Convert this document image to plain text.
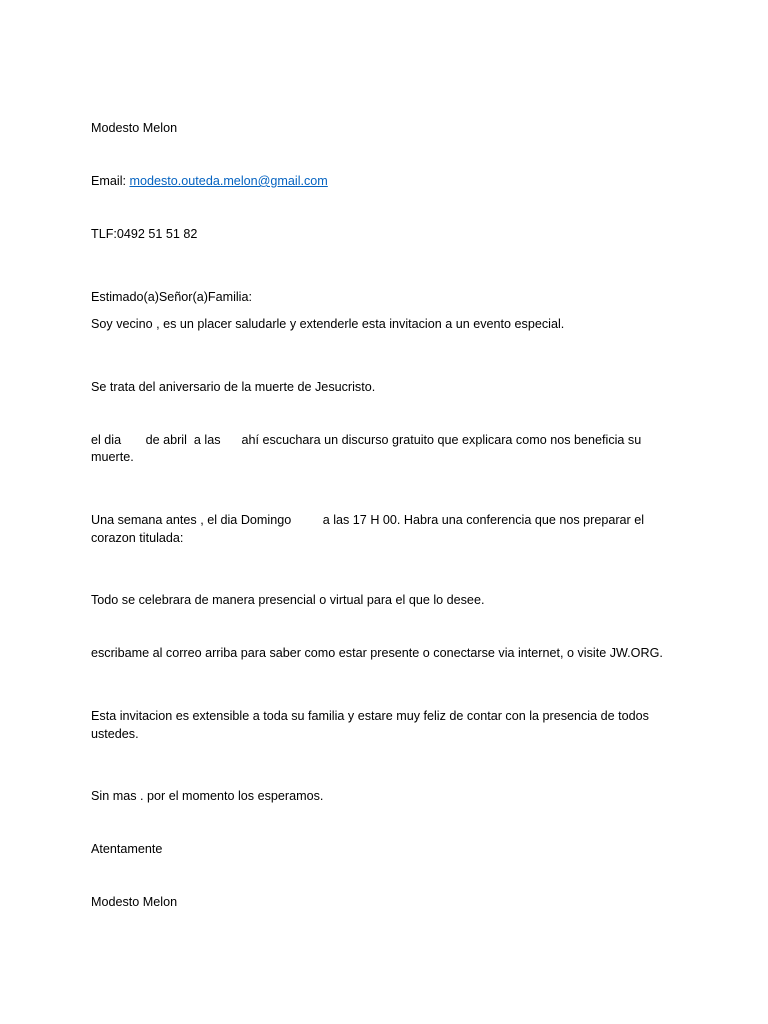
Modesto Melon

Email: modesto.outeda.melon@gmail.com

TLF:0492 51 51 82

Estimado(a)Señor(a)Familia:
Soy vecino , es un placer saludarle y extenderle esta invitacion a un evento especial.

Se trata del aniversario de la muerte de Jesucristo.

el dia       de abril  a las      ahí escuchara un discurso gratuito que explicara como nos beneficia su muerte.

Una semana antes , el dia Domingo         a las 17 H 00. Habra una conferencia que nos preparar el corazon titulada:

Todo se celebrara de manera presencial o virtual para el que lo desee.

escribame al correo arriba para saber como estar presente o conectarse via internet, o visite JW.ORG.

Esta invitacion es extensible a toda su familia y estare muy feliz de contar con la presencia de todos ustedes.

Sin mas . por el momento los esperamos.

Atentamente

Modesto Melon
